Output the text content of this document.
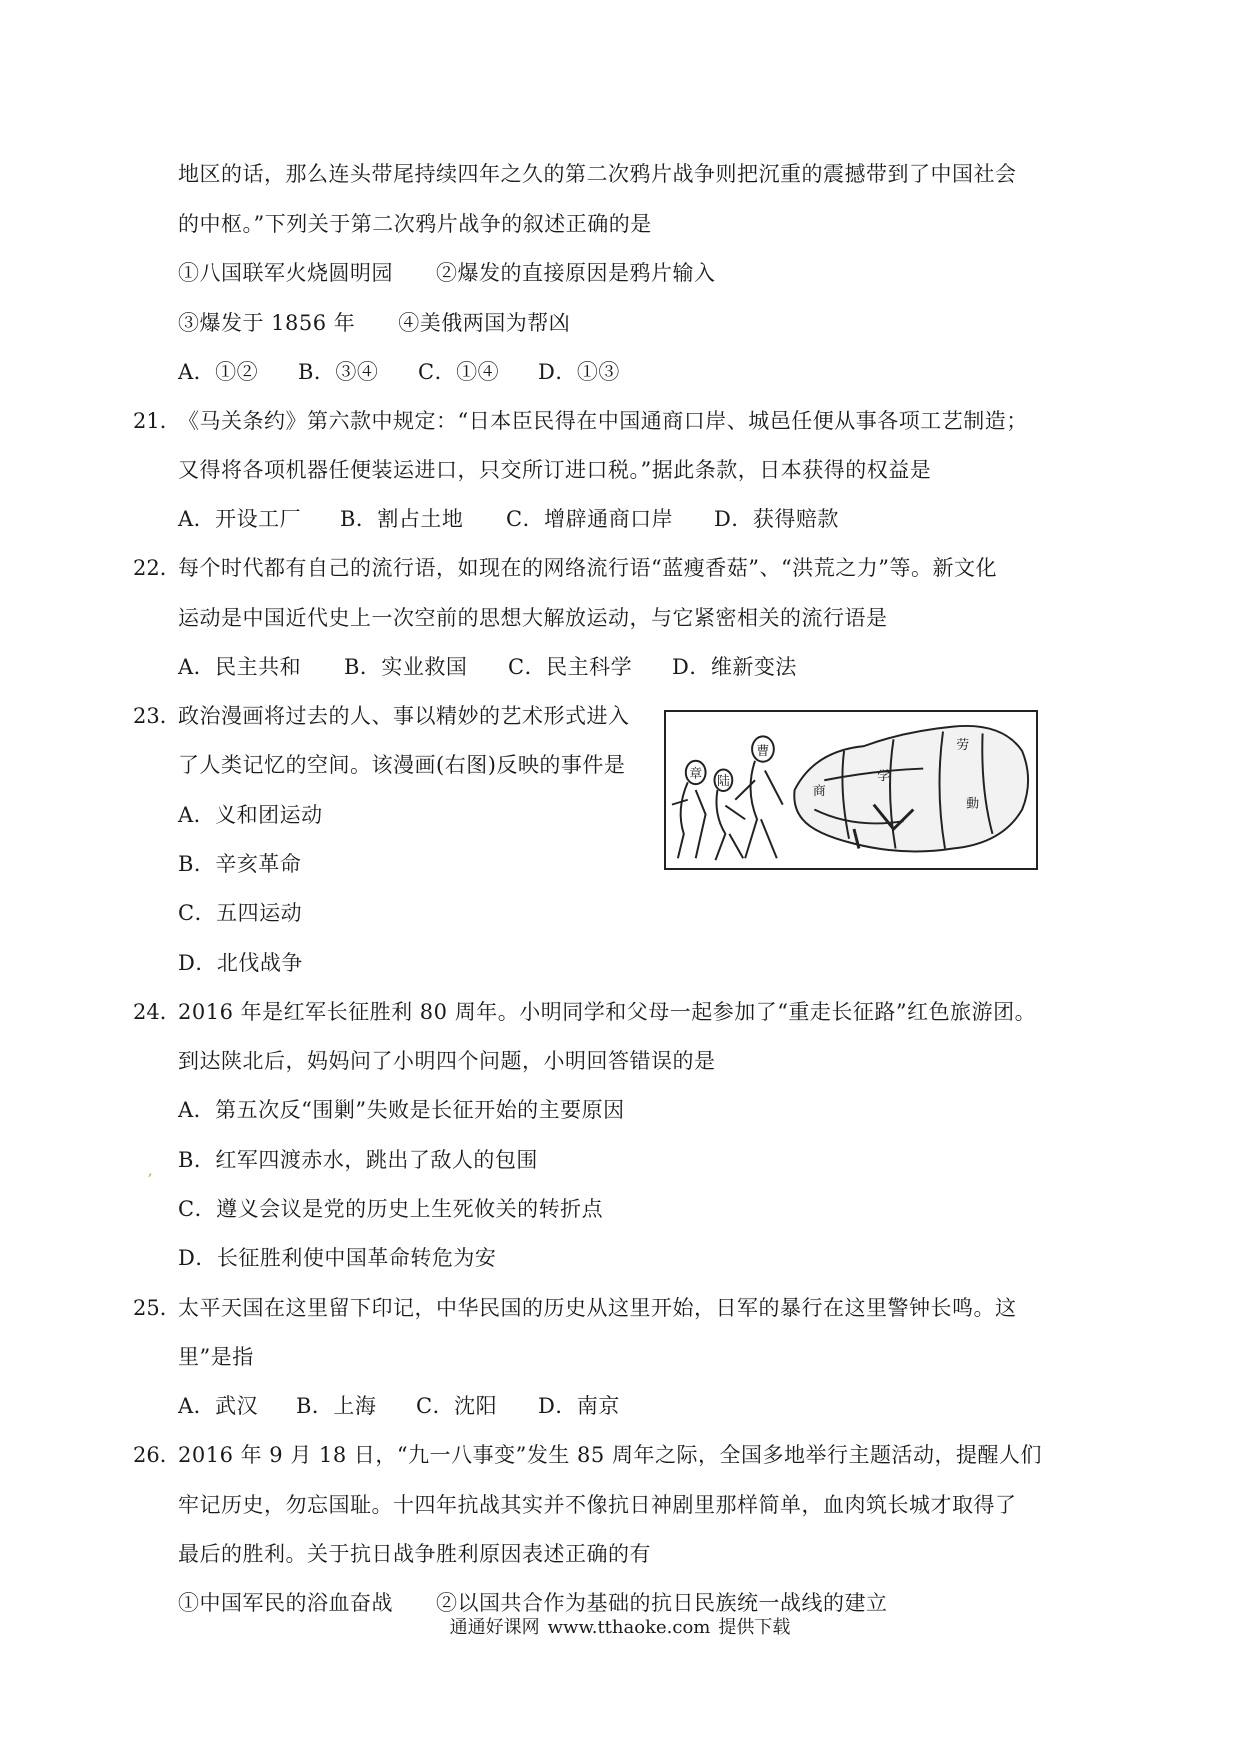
地区的话，那么连头带尾持续四年之久的第二次鸦片战争则把沉重的震撼带到了中国社会
的中枢。”下列关于第二次鸦片战争的叙述正确的是
①八国联军火烧圆明园　　②爆发的直接原因是鸦片输入
③爆发于 1856 年　　④美俄两国为帮凶
A．①② B．③④ C．①④ D．①③
21．
《马关条约》第六款中规定：“日本臣民得在中国通商口岸、城邑任便从事各项工艺制造；
又得将各项机器任便装运进口，只交所订进口税。”据此条款，日本获得的权益是
A．开设工厂 B．割占土地 C．增辟通商口岸 D．获得赔款
22．
每个时代都有自己的流行语，如现在的网络流行语“蓝瘦香菇”、“洪荒之力”等。新文化
运动是中国近代史上一次空前的思想大解放运动，与它紧密相关的流行语是
A．民主共和 B．实业救国 C．民主科学 D．维新变法
23．
政治漫画将过去的人、事以精妙的艺术形式进入
了人类记忆的空间。该漫画(右图)反映的事件是
A．义和团运动
B．辛亥革命
C．五四运动
D．北伐战争
章
陆
曹
商
学
劳
動
24．
2016 年是红军长征胜利 80 周年。小明同学和父母一起参加了“重走长征路”红色旅游团。
到达陕北后，妈妈问了小明四个问题，小明回答错误的是
A．第五次反“围剿”失败是长征开始的主要原因
, B．红军四渡赤水，跳出了敌人的包围
C．遵义会议是党的历史上生死攸关的转折点
D．长征胜利使中国革命转危为安
25．
太平天国在这里留下印记，中华民国的历史从这里开始，日军的暴行在这里警钟长鸣。这
里”是指
A．武汉 B．上海 C．沈阳 D．南京
26．
2016 年 9 月 18 日，“九一八事变”发生 85 周年之际，全国多地举行主题活动，提醒人们
牢记历史，勿忘国耻。十四年抗战其实并不像抗日神剧里那样简单，血肉筑长城才取得了
最后的胜利。关于抗日战争胜利原因表述正确的有
①中国军民的浴血奋战　　②以国共合作为基础的抗日民族统一战线的建立
通通好课网 www.tthaoke.com 提供下载
